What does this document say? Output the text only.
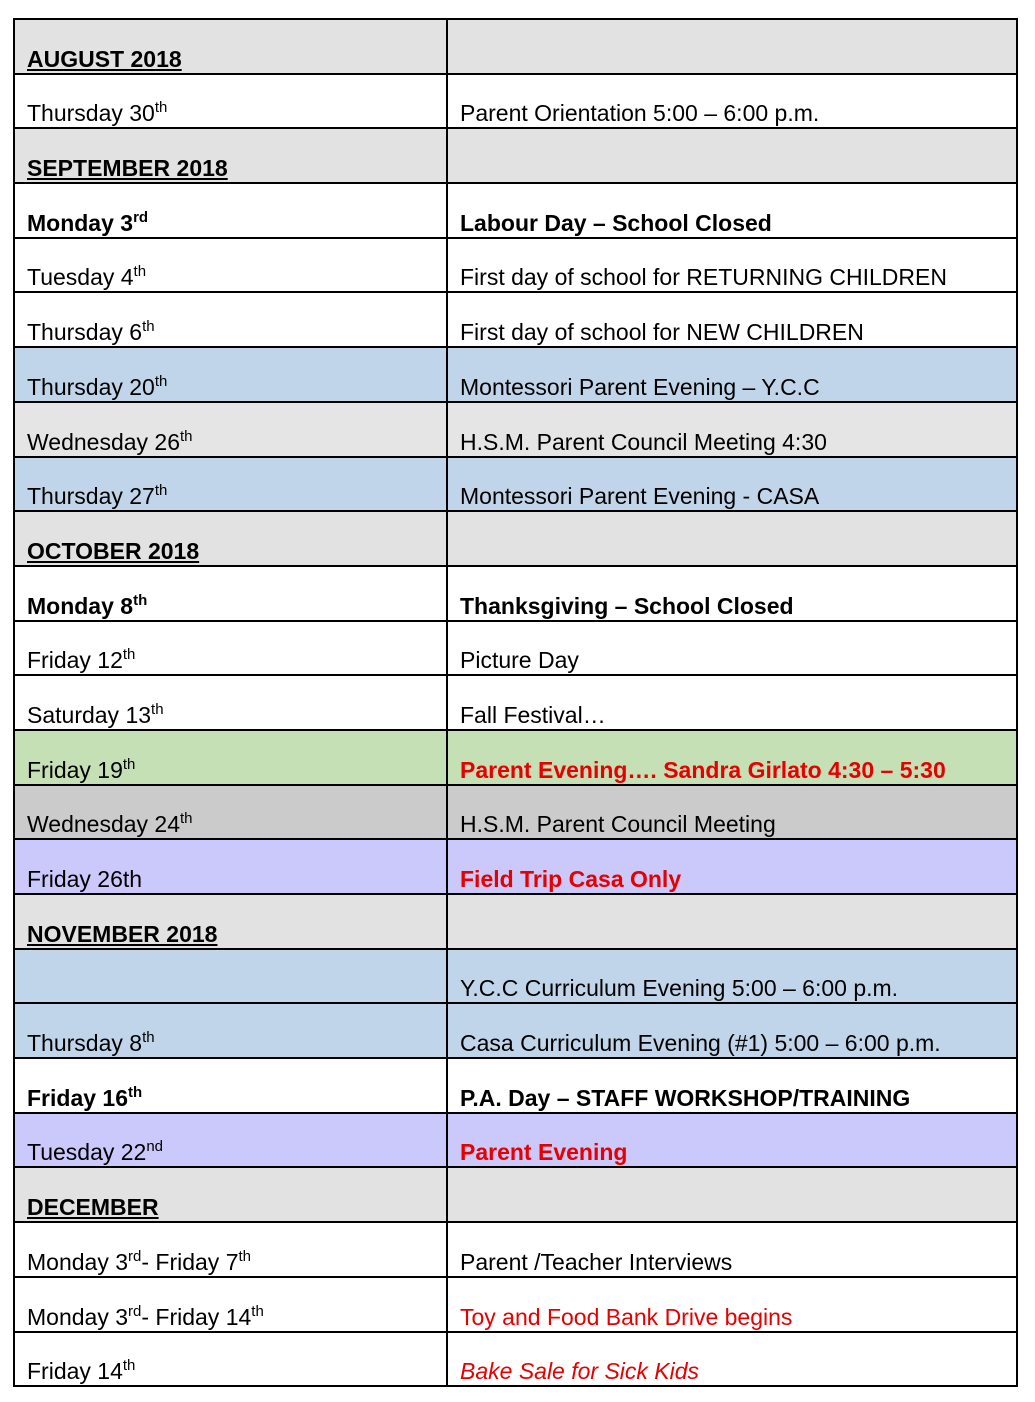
AUGUST 2018	
Thursday 30th	Parent Orientation 5:00 – 6:00 p.m.
SEPTEMBER 2018	
Monday 3rd	Labour Day – School Closed
Tuesday 4th	First day of school for RETURNING CHILDREN
Thursday 6th	First day of school for NEW CHILDREN
Thursday 20th	Montessori Parent Evening – Y.C.C
Wednesday 26th	H.S.M. Parent Council Meeting 4:30
Thursday 27th	Montessori Parent Evening - CASA
OCTOBER 2018	
Monday 8th	Thanksgiving – School Closed
Friday 12th	Picture Day
Saturday 13th	Fall Festival…
Friday 19th	Parent Evening…. Sandra Girlato 4:30 – 5:30
Wednesday 24th	H.S.M. Parent Council Meeting
Friday 26th	Field Trip Casa Only
NOVEMBER 2018	
	Y.C.C Curriculum Evening 5:00 – 6:00 p.m.
Thursday 8th	Casa Curriculum Evening (#1) 5:00 – 6:00 p.m.
Friday 16th	P.A. Day – STAFF WORKSHOP/TRAINING
Tuesday 22nd	Parent Evening
DECEMBER	
Monday 3rd- Friday 7th	Parent /Teacher Interviews
Monday 3rd- Friday 14th	Toy and Food Bank Drive begins
Friday 14th	Bake Sale for Sick Kids
